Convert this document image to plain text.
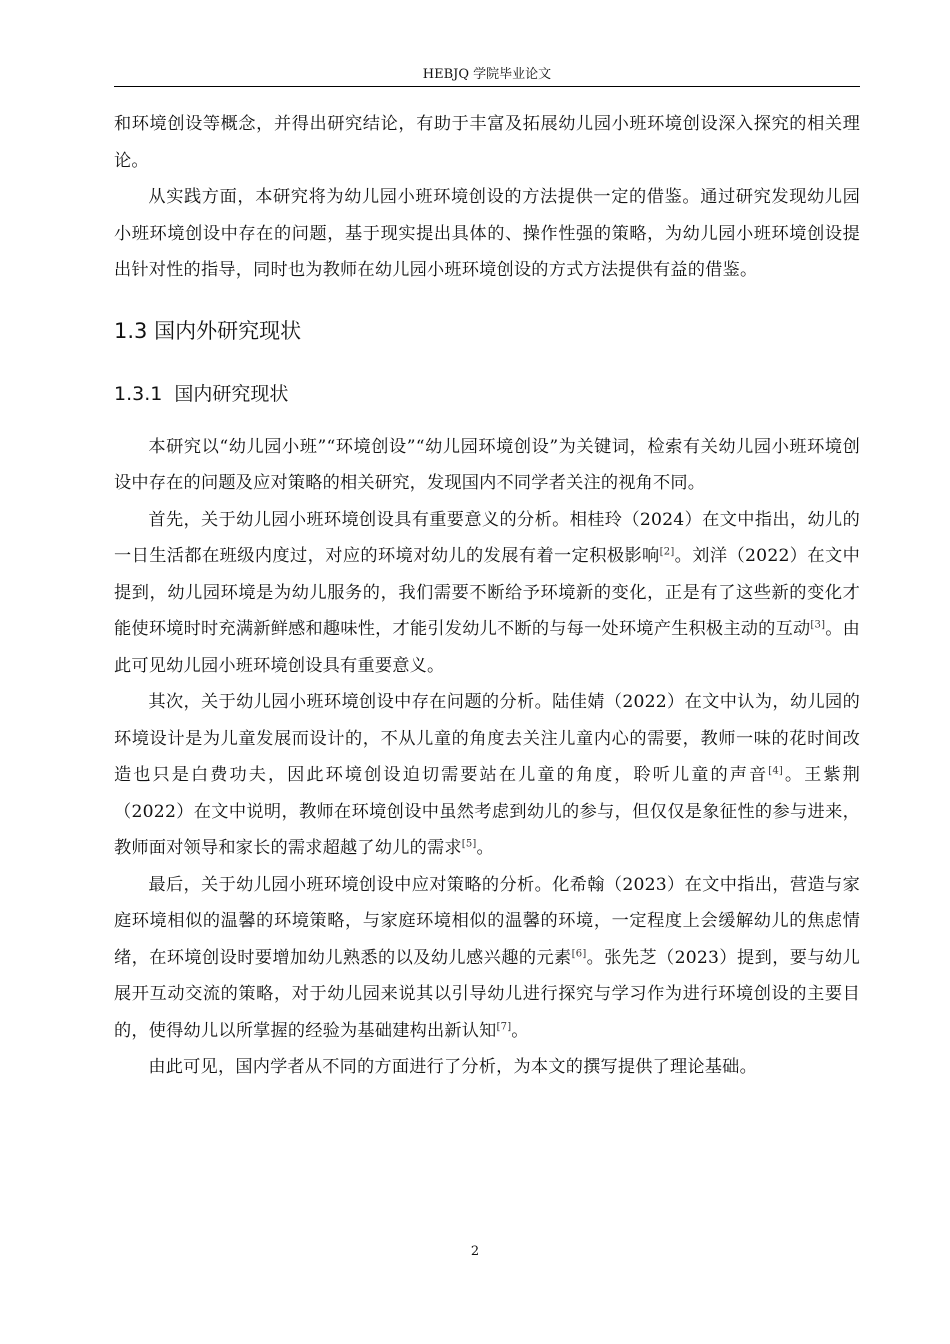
HEBJQ 学院毕业论文

和环境创设等概念，并得出研究结论，有助于丰富及拓展幼儿园小班环境创设深入探究的相关理论。

从实践方面，本研究将为幼儿园小班环境创设的方法提供一定的借鉴。通过研究发现幼儿园小班环境创设中存在的问题，基于现实提出具体的、操作性强的策略，为幼儿园小班环境创设提出针对性的指导，同时也为教师在幼儿园小班环境创设的方式方法提供有益的借鉴。

1.3 国内外研究现状
1.3.1 国内研究现状

本研究以“幼儿园小班”“环境创设”“幼儿园环境创设”为关键词，检索有关幼儿园小班环境创设中存在的问题及应对策略的相关研究，发现国内不同学者关注的视角不同。

首先，关于幼儿园小班环境创设具有重要意义的分析。相桂玲（2024）在文中指出，幼儿的一日生活都在班级内度过，对应的环境对幼儿的发展有着一定积极影响[2]。刘洋（2022）在文中提到，幼儿园环境是为幼儿服务的，我们需要不断给予环境新的变化，正是有了这些新的变化才能使环境时时充满新鲜感和趣味性，才能引发幼儿不断的与每一处环境产生积极主动的互动[3]。由此可见幼儿园小班环境创设具有重要意义。

其次，关于幼儿园小班环境创设中存在问题的分析。陆佳婧（2022）在文中认为，幼儿园的环境设计是为儿童发展而设计的，不从儿童的角度去关注儿童内心的需要，教师一味的花时间改造也只是白费功夫，因此环境创设迫切需要站在儿童的角度，聆听儿童的声音[4]。王紫荆（2022）在文中说明，教师在环境创设中虽然考虑到幼儿的参与，但仅仅是象征性的参与进来，教师面对领导和家长的需求超越了幼儿的需求[5]。

最后，关于幼儿园小班环境创设中应对策略的分析。化希翰（2023）在文中指出，营造与家庭环境相似的温馨的环境策略，与家庭环境相似的温馨的环境，一定程度上会缓解幼儿的焦虑情绪，在环境创设时要增加幼儿熟悉的以及幼儿感兴趣的元素[6]。张先芝（2023）提到，要与幼儿展开互动交流的策略，对于幼儿园来说其以引导幼儿进行探究与学习作为进行环境创设的主要目的，使得幼儿以所掌握的经验为基础建构出新认知[7]。

由此可见，国内学者从不同的方面进行了分析，为本文的撰写提供了理论基础。

2
